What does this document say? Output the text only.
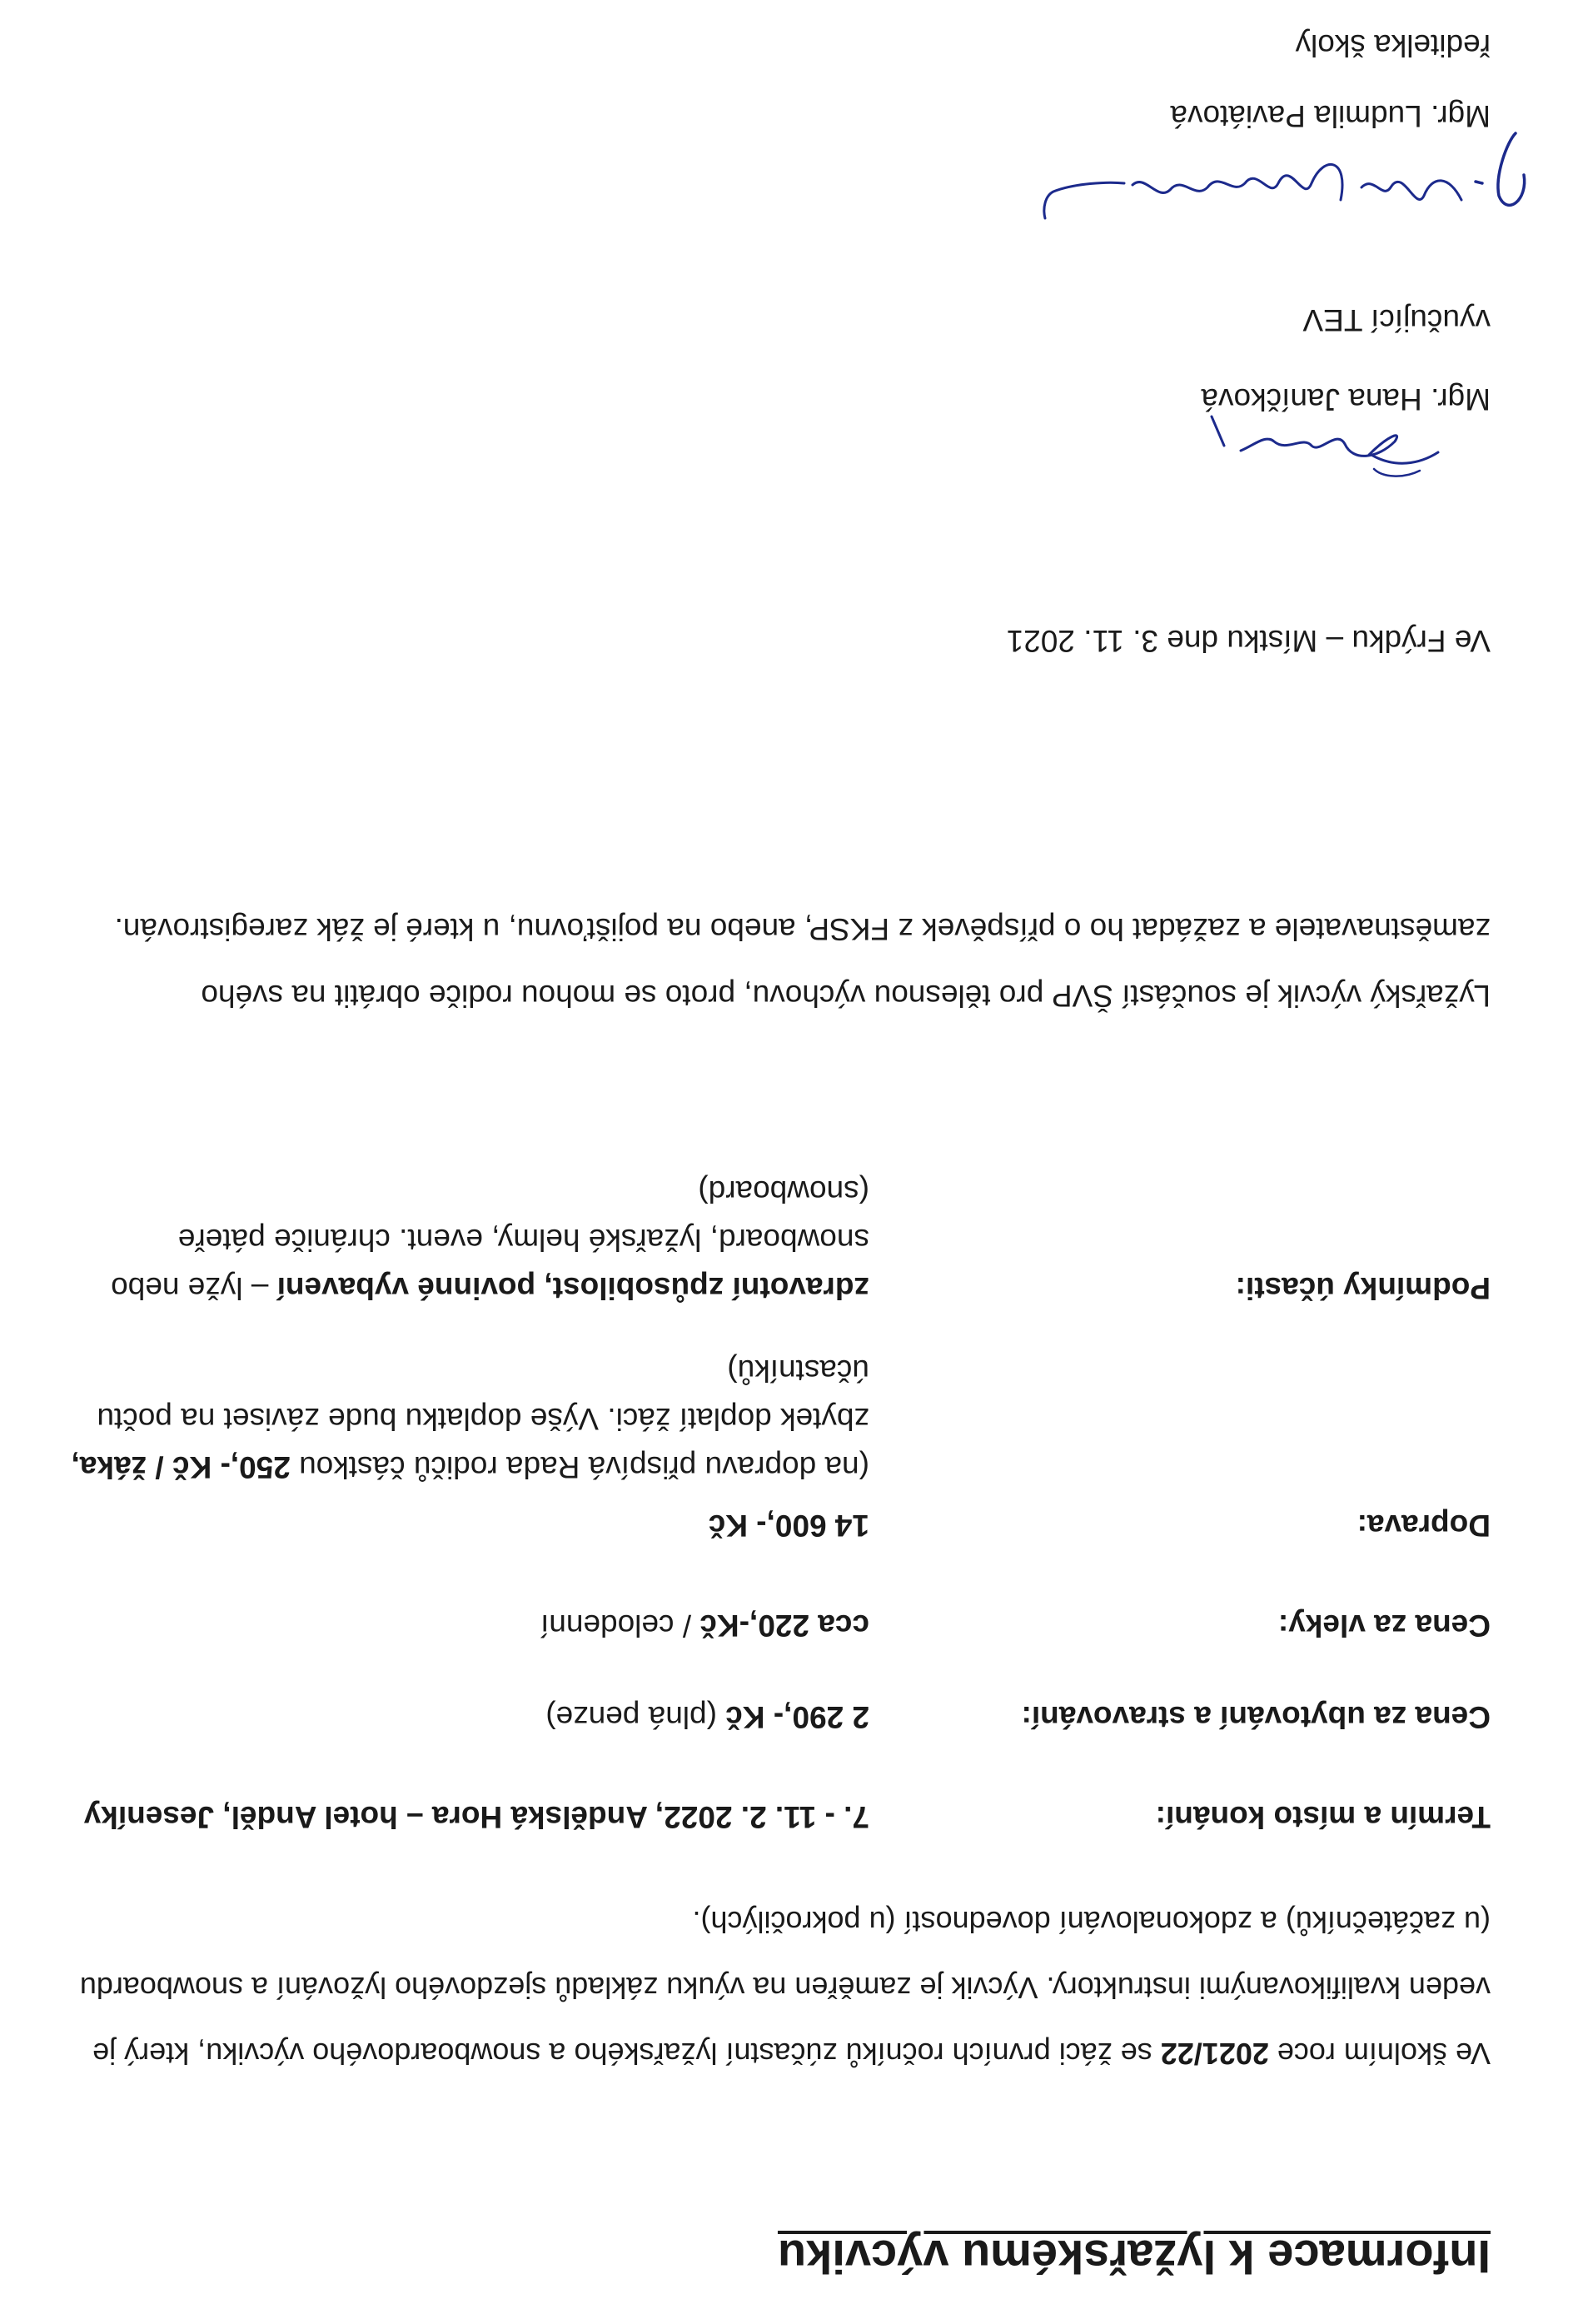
Informace k lyžařskému výcviku
Ve školním roce 2021/22 se žáci prvních ročníků zúčastní lyžařského a snowboardového výcviku, který je veden kvalifikovanými instruktory. Výcvik je zaměřen na výuku základů sjezdového lyžování a snowboardu (u začátečníků) a zdokonalování dovedností (u pokročilých).
Termín a místo konání:
7. - 11. 2. 2022, Andělská Hora – hotel Anděl, Jeseníky
Cena za ubytování a stravování:
2 290,- Kč (plná penze)
Cena za vleky:
cca 220,-Kč / celodenní
Doprava:
14 600,- Kč
(na dopravu přispívá Rada rodičů částkou 250,- Kč / žáka, zbytek doplatí žáci. Výše doplatku bude záviset na počtu účastníků)
Podmínky účasti:
zdravotní způsobilost, povinné vybavení – lyže nebo snowboard, lyžařské helmy, event. chrániče páteře (snowboard)
Lyžařský výcvik je součástí ŠVP pro tělesnou výchovu, proto se mohou rodiče obrátit na svého zaměstnavatele a zažádat ho o příspěvek z FKSP, anebo na pojišťovnu, u které je žák zaregistrován.
Ve Frýdku – Místku dne 3. 11. 2021
Mgr. Hana Janíčková
vyučující TEV
Mgr. Ludmila Paviátová
ředitelka školy
